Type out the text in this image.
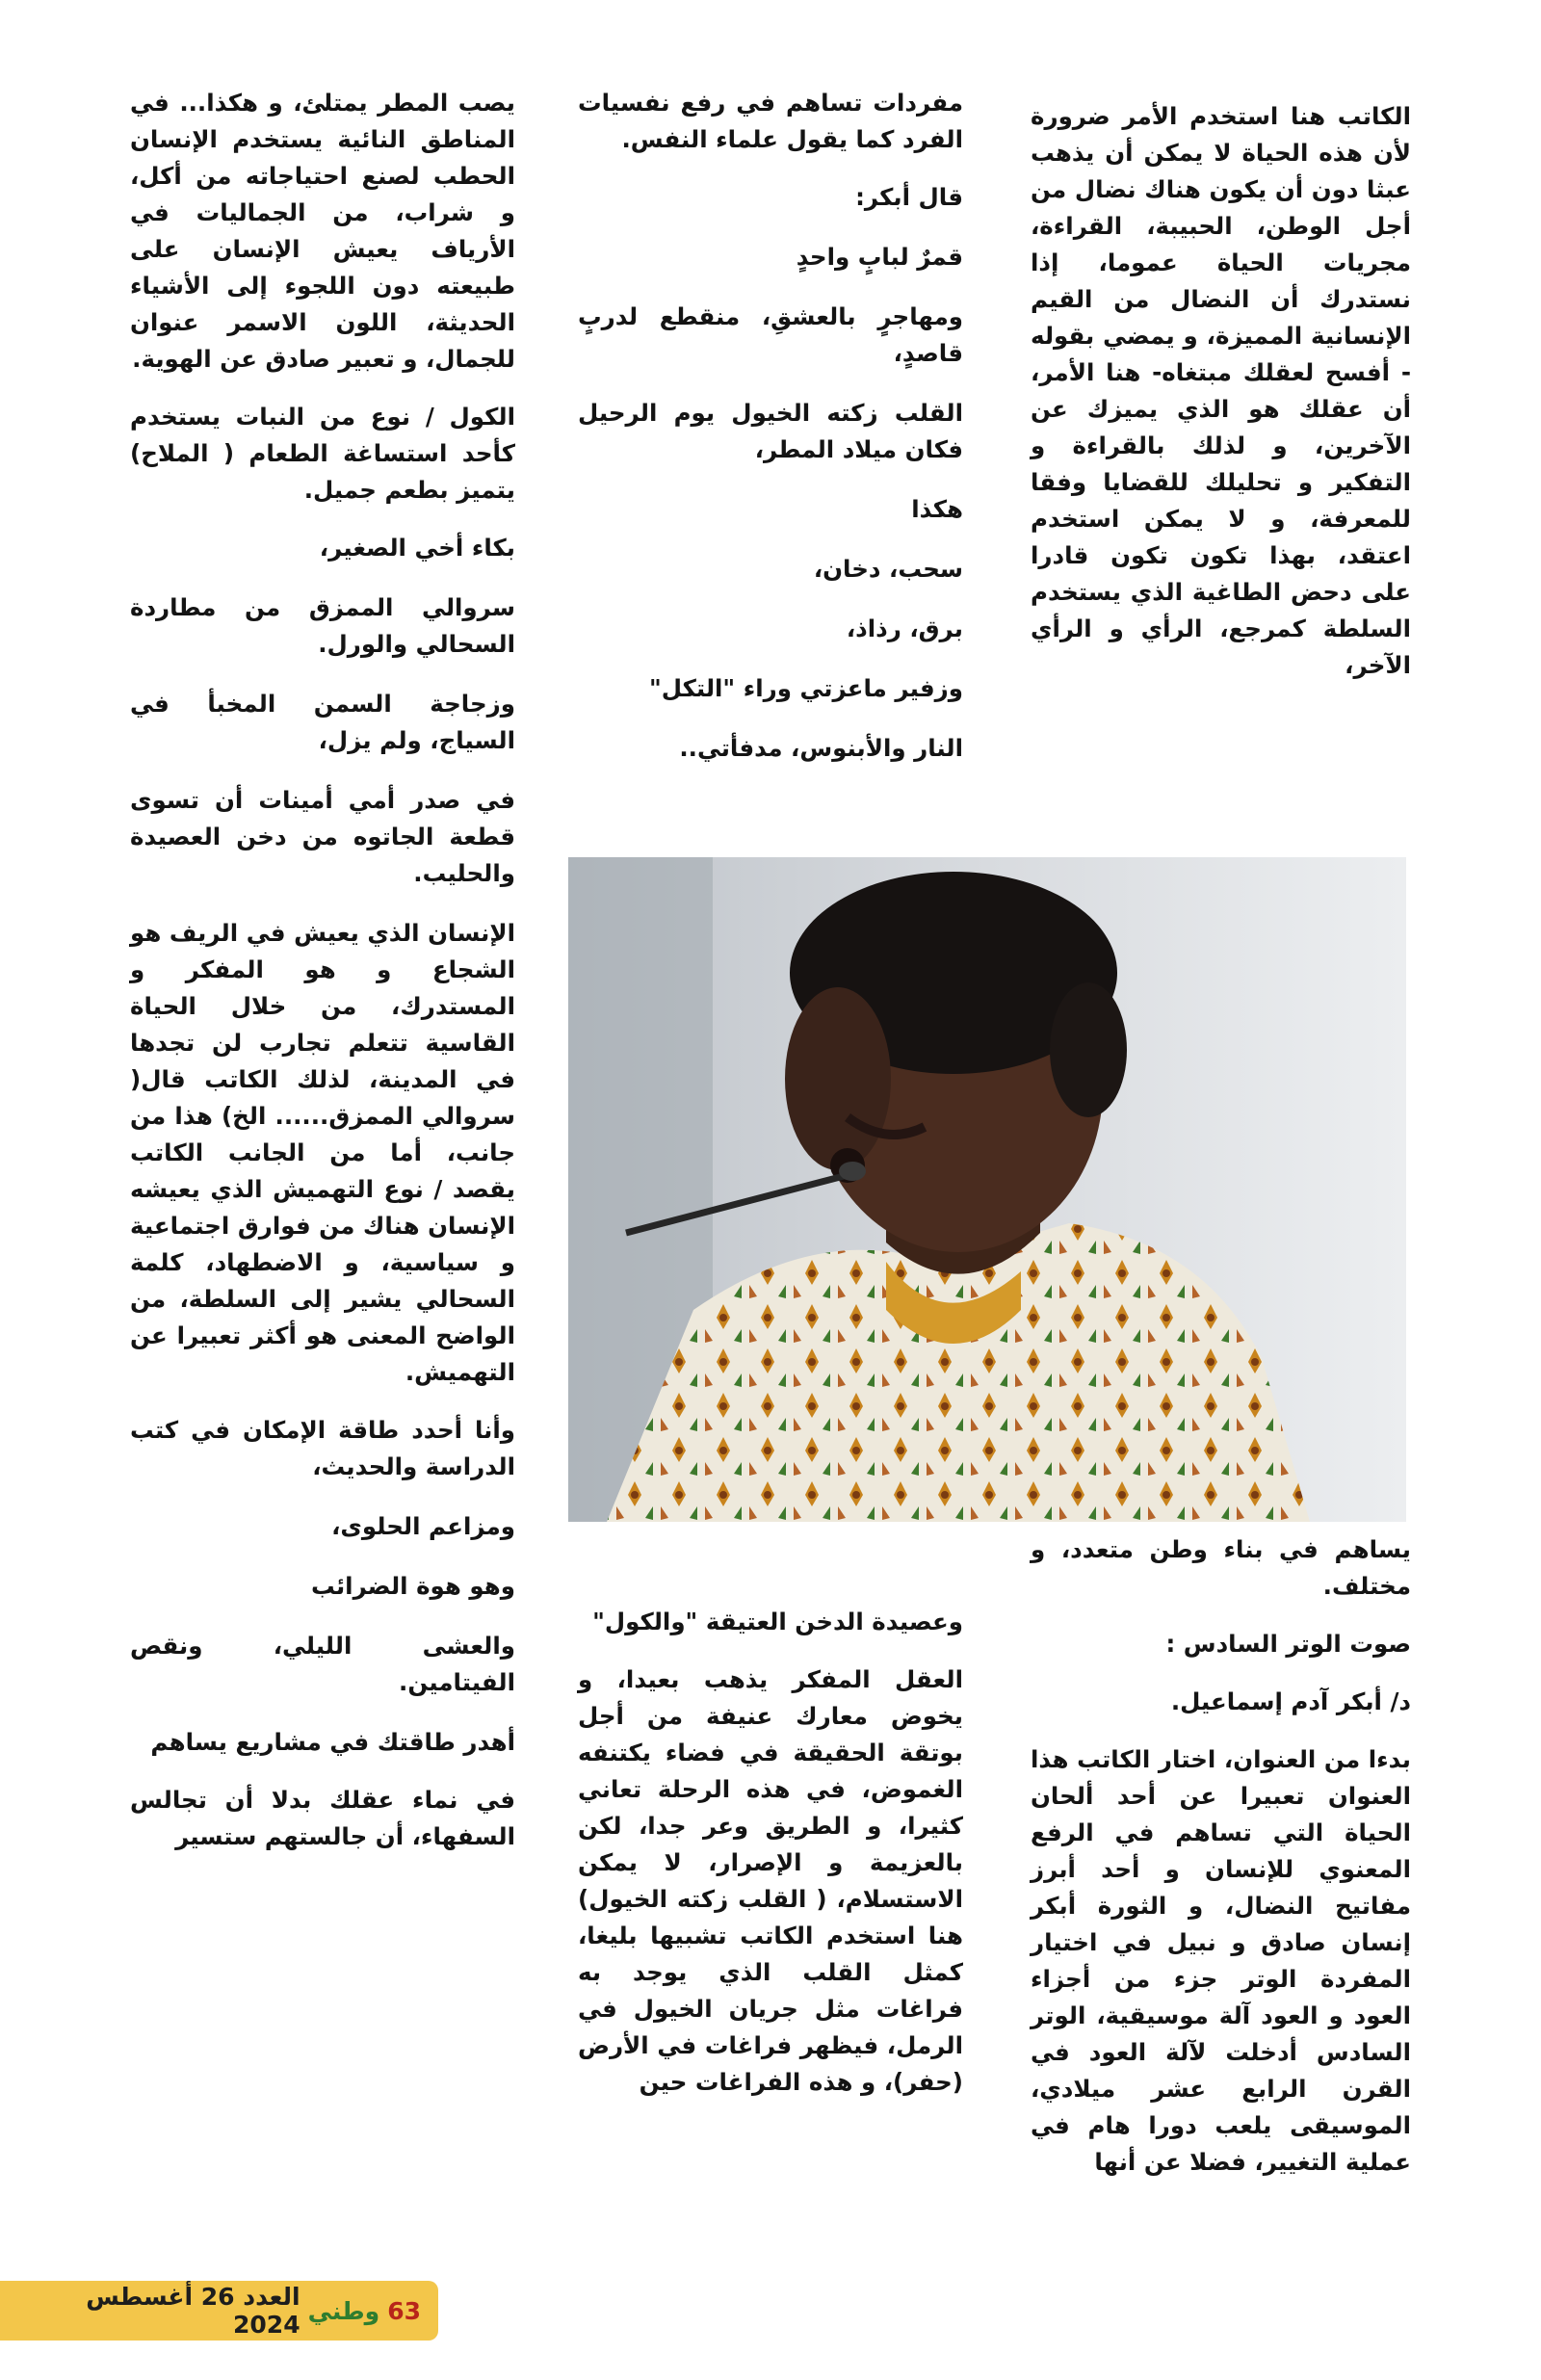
الكاتب هنا استخدم الأمر ضرورة لأن هذه الحياة لا يمكن أن يذهب عبثا دون أن يكون هناك نضال من أجل الوطن، الحبيبة، القراءة، مجريات الحياة عموما، إذا نستدرك أن النضال من القيم الإنسانية المميزة، و يمضي بقوله - أفسح لعقلك مبتغاه- هنا الأمر، أن عقلك هو الذي يميزك عن الآخرين، و لذلك بالقراءة و التفكير و تحليلك للقضايا وفقا للمعرفة، و لا يمكن استخدم اعتقد، بهذا تكون تكون قادرا على دحض الطاغية الذي يستخدم السلطة كمرجع، الرأي و الرأي الآخر،

مفردات تساهم في رفع نفسيات الفرد كما يقول علماء النفس.

قال أبكر:

قمرٌ لبابٍ واحدٍ

ومهاجرٍ بالعشقِ، منقطع لدربٍ قاصدٍ،

القلب زكته الخيول يوم الرحيل فكان ميلاد المطر،

هكذا

سحب، دخان،

برق، رذاذ،

وزفير ماعزتي وراء "التكل"

النار والأبنوس، مدفأتي..

يساهم في بناء وطن متعدد، و مختلف.

صوت الوتر السادس :

د/ أبكر آدم إسماعيل.

بدءا من العنوان، اختار الكاتب هذا العنوان تعبيرا عن أحد ألحان الحياة التي تساهم في الرفع المعنوي للإنسان و أحد أبرز مفاتيح النضال، و الثورة أبكر إنسان صادق و نبيل في اختيار المفردة الوتر جزء من أجزاء العود و العود آلة موسيقية، الوتر السادس أدخلت لآلة العود في القرن الرابع عشر ميلادي، الموسيقى يلعب دورا هام في عملية التغيير، فضلا عن أنها

وعصيدة الدخن العتيقة "والكول"

العقل المفكر يذهب بعيدا، و يخوض معارك عنيفة من أجل بوتقة الحقيقة في فضاء يكتنفه الغموض، في هذه الرحلة تعاني كثيرا، و الطريق وعر جدا، لكن بالعزيمة و الإصرار، لا يمكن الاستسلام، ( القلب زكته الخيول) هنا استخدم الكاتب تشبيها بليغا، كمثل القلب الذي يوجد به فراغات مثل جريان الخيول في الرمل، فيظهر فراغات في الأرض (حفر)، و هذه الفراغات حين

يصب المطر يمتلئ، و هكذا... في المناطق النائية يستخدم الإنسان الحطب لصنع احتياجاته من أكل، و شراب، من الجماليات في الأرياف يعيش الإنسان على طبيعته دون اللجوء إلى الأشياء الحديثة، اللون الاسمر عنوان للجمال، و تعبير صادق عن الهوية.

الكول / نوع من النبات يستخدم كأحد استساغة الطعام ( الملاح) يتميز بطعم جميل.

بكاء أخي الصغير،

سروالي الممزق من مطاردة السحالي والورل.

وزجاجة السمن المخبأ في السياج، ولم يزل،

في صدر أمي أمينات أن تسوى قطعة الجاتوه من دخن العصيدة والحليب.

الإنسان الذي يعيش في الريف هو الشجاع و هو المفكر و المستدرك، من خلال الحياة القاسية تتعلم تجارب لن تجدها في المدينة، لذلك الكاتب قال( سروالي الممزق...... الخ) هذا من جانب، أما من الجانب الكاتب يقصد / نوع التهميش الذي يعيشه الإنسان هناك من فوارق اجتماعية و سياسية، و الاضطهاد، كلمة السحالي يشير إلى السلطة، من الواضح المعنى هو أكثر تعبيرا عن التهميش.

وأنا أحدد طاقة الإمكان في كتب الدراسة والحديث،

ومزاعم الحلوى،

وهو هوة الضرائب

والعشى الليلي، ونقص الفيتامين.

أهدر طاقتك في مشاريع يساهم

في نماء عقلك بدلا أن تجالس السفهاء، أن جالستهم ستسير

63
وطني
العدد 26 أغسطس 2024
